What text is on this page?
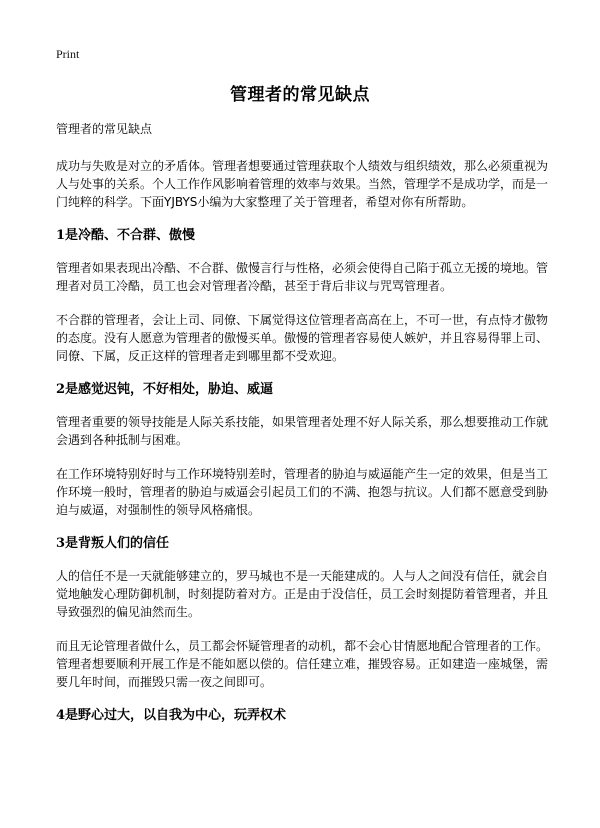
Print
管理者的常见缺点
管理者的常见缺点

成功与失败是对立的矛盾体。管理者想要通过管理获取个人绩效与组织绩效，那么必须重视为人与处事的关系。个人工作作风影响着管理的效率与效果。当然，管理学不是成功学，而是一门纯粹的科学。下面YJBYS小编为大家整理了关于管理者，希望对你有所帮助。

1是冷酷、不合群、傲慢

管理者如果表现出冷酷、不合群、傲慢言行与性格，必须会使得自己陷于孤立无援的境地。管理者对员工冷酷，员工也会对管理者冷酷，甚至于背后非议与咒骂管理者。

不合群的管理者，会让上司、同僚、下属觉得这位管理者高高在上，不可一世，有点恃才傲物的态度。没有人愿意为管理者的傲慢买单。傲慢的管理者容易使人嫉妒，并且容易得罪上司、同僚、下属，反正这样的管理者走到哪里都不受欢迎。

2是感觉迟钝，不好相处，胁迫、威逼

管理者重要的领导技能是人际关系技能，如果管理者处理不好人际关系，那么想要推动工作就会遇到各种抵制与困难。

在工作环境特别好时与工作环境特别差时，管理者的胁迫与威逼能产生一定的效果，但是当工作环境一般时，管理者的胁迫与威逼会引起员工们的不满、抱怨与抗议。人们都不愿意受到胁迫与威逼，对强制性的领导风格痛恨。

3是背叛人们的信任

人的信任不是一天就能够建立的，罗马城也不是一天能建成的。人与人之间没有信任，就会自觉地触发心理防御机制，时刻提防着对方。正是由于没信任，员工会时刻提防着管理者，并且导致强烈的偏见油然而生。

而且无论管理者做什么，员工都会怀疑管理者的动机，都不会心甘情愿地配合管理者的工作。管理者想要顺利开展工作是不能如愿以偿的。信任建立难，摧毁容易。正如建造一座城堡，需要几年时间，而摧毁只需一夜之间即可。

4是野心过大，以自我为中心，玩弄权术
